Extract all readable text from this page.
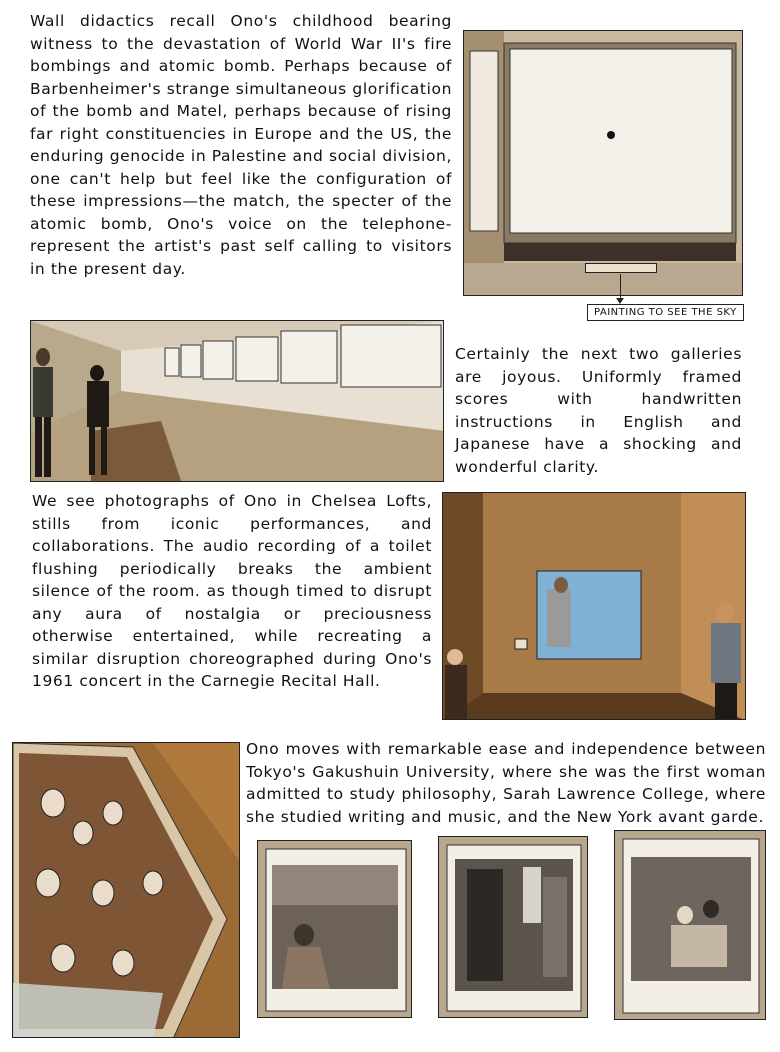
Wall didactics recall Ono's childhood bearing witness to the devastation of World War II's fire bombings and atomic bomb. Perhaps because of Barbenheimer's strange simultaneous glorification of the bomb and Matel, perhaps because of rising far right constituencies in Europe and the US, the enduring genocide in Palestine and social division, one can't help but feel like the configuration of these impressions—the match, the specter of the atomic bomb, Ono's voice on the telephone- represent the artist's past self calling to visitors in the present day.
PAINTING TO SEE THE SKY
Certainly the next two galleries are joyous. Uniformly framed scores with handwritten instructions in English and Japanese have a shocking and wonderful clarity.
We see photographs of Ono in Chelsea Lofts, stills from iconic performances, and collaborations. The audio recording of a toilet flushing periodically breaks the ambient silence of the room. as though timed to disrupt any aura of nostalgia or preciousness otherwise entertained, while recreating a similar disruption choreographed during Ono's 1961 concert in the Carnegie Recital Hall.
Ono moves with remarkable ease and independence between Tokyo's Gakushuin University, where she was the first woman admitted to study philosophy, Sarah Lawrence College, where she studied writing and music, and the New York avant garde.
